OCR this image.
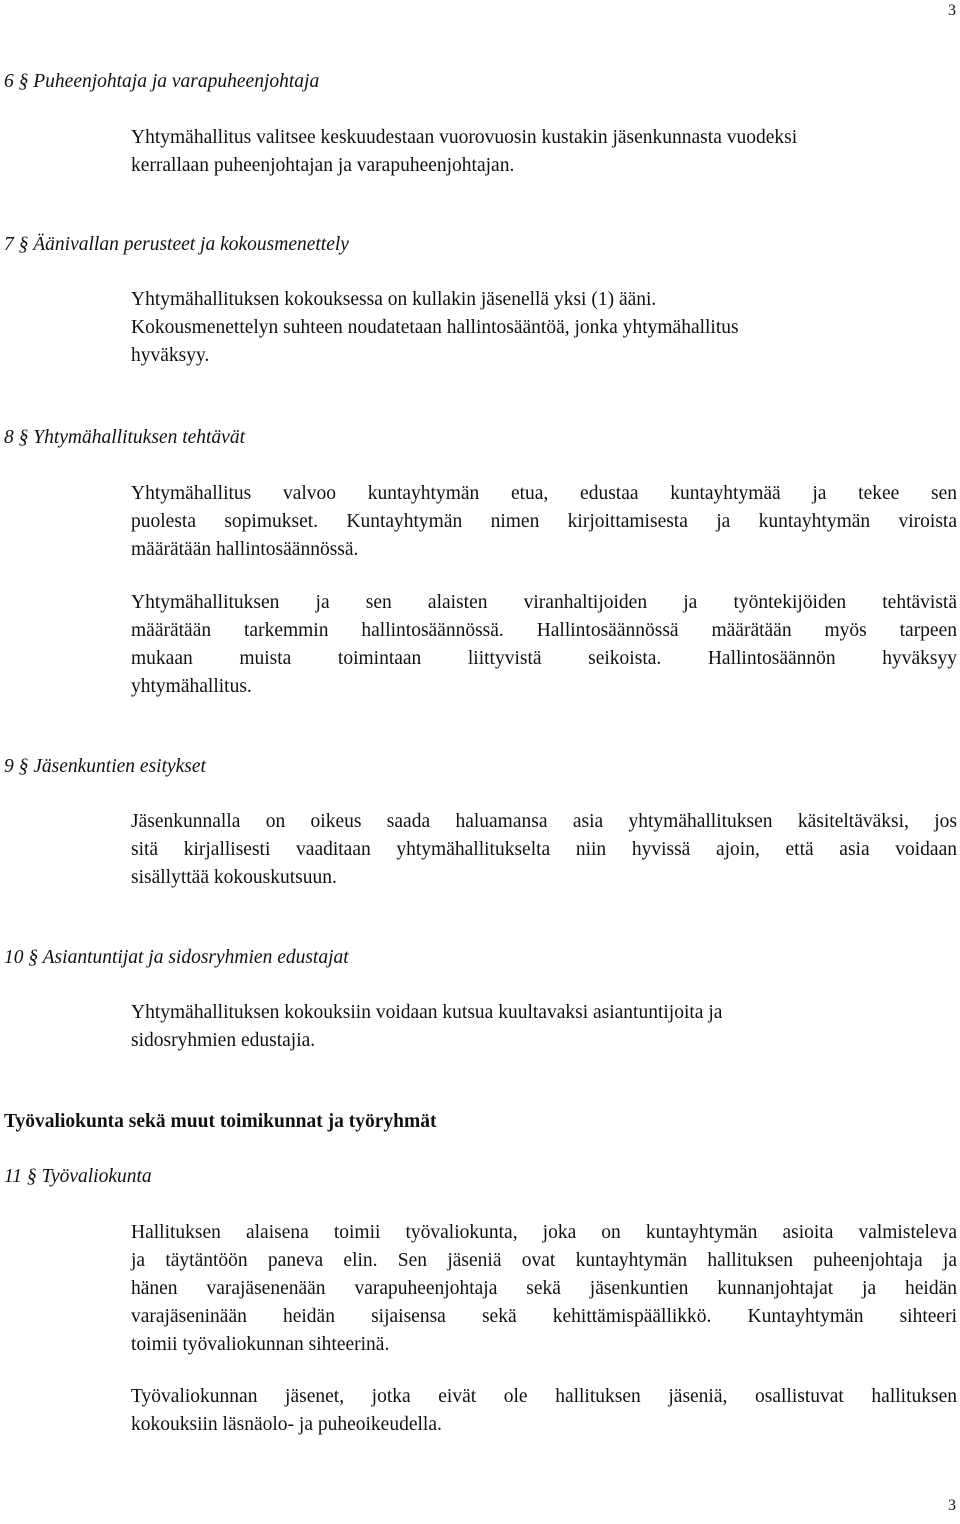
3
6 § Puheenjohtaja ja varapuheenjohtaja
Yhtymähallitus valitsee keskuudestaan vuorovuosin kustakin jäsenkunnasta vuodeksi
kerrallaan puheenjohtajan ja varapuheenjohtajan.
7 § Äänivallan perusteet ja kokousmenettely
Yhtymähallituksen kokouksessa on kullakin jäsenellä yksi (1) ääni.
Kokousmenettelyn suhteen noudatetaan hallintosääntöä, jonka yhtymähallitus
hyväksyy.
8 § Yhtymähallituksen tehtävät
Yhtymähallitus valvoo kuntayhtymän etua, edustaa kuntayhtymää ja tekee sen
puolesta sopimukset. Kuntayhtymän nimen kirjoittamisesta ja kuntayhtymän viroista
määrätään hallintosäännössä.
Yhtymähallituksen ja sen alaisten viranhaltijoiden ja työntekijöiden tehtävistä
määrätään tarkemmin hallintosäännössä. Hallintosäännössä määrätään myös tarpeen
mukaan muista toimintaan liittyvistä seikoista. Hallintosäännön hyväksyy
yhtymähallitus.
9 § Jäsenkuntien esitykset
Jäsenkunnalla on oikeus saada haluamansa asia yhtymähallituksen käsiteltäväksi, jos
sitä kirjallisesti vaaditaan yhtymähallitukselta niin hyvissä ajoin, että asia voidaan
sisällyttää kokouskutsuun.
10 § Asiantuntijat ja sidosryhmien edustajat
Yhtymähallituksen kokouksiin voidaan kutsua kuultavaksi asiantuntijoita ja
sidosryhmien edustajia.
Työvaliokunta sekä muut toimikunnat ja työryhmät
11 § Työvaliokunta
Hallituksen alaisena toimii työvaliokunta, joka on kuntayhtymän asioita valmisteleva
ja täytäntöön paneva elin. Sen jäseniä ovat kuntayhtymän hallituksen puheenjohtaja ja
hänen varajäsenenään varapuheenjohtaja sekä jäsenkuntien kunnanjohtajat ja heidän
varajäseninään heidän sijaisensa sekä kehittämispäällikkö. Kuntayhtymän sihteeri
toimii työvaliokunnan sihteerinä.
Työvaliokunnan jäsenet, jotka eivät ole hallituksen jäseniä, osallistuvat hallituksen
kokouksiin läsnäolo- ja puheoikeudella.
3
